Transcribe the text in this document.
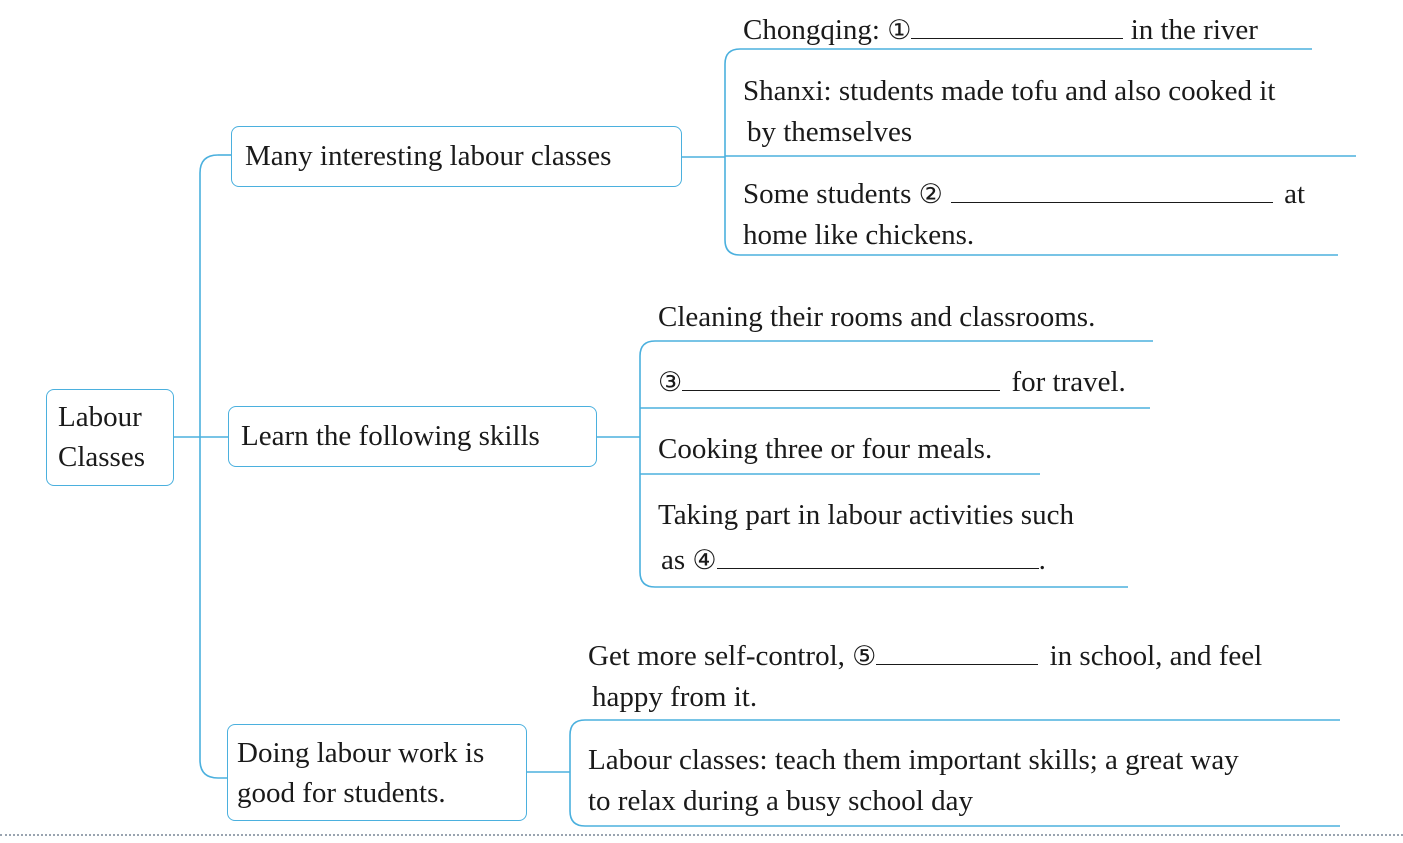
Labour
Classes
Many interesting labour classes
Chongqing: ①	in the river
Shanxi: students made tofu and also cooked it
by themselves
Some students ②	at
home like chickens.
Learn the following skills
Cleaning their rooms and classrooms.
③	for travel.
Cooking three or four meals.
Taking part in labour activities such
as ④	.
Doing labour work is
good for students.
Get more self-control, ⑤	in school, and feel
happy from it.
Labour classes: teach them important skills; a great way
to relax during a busy school day
